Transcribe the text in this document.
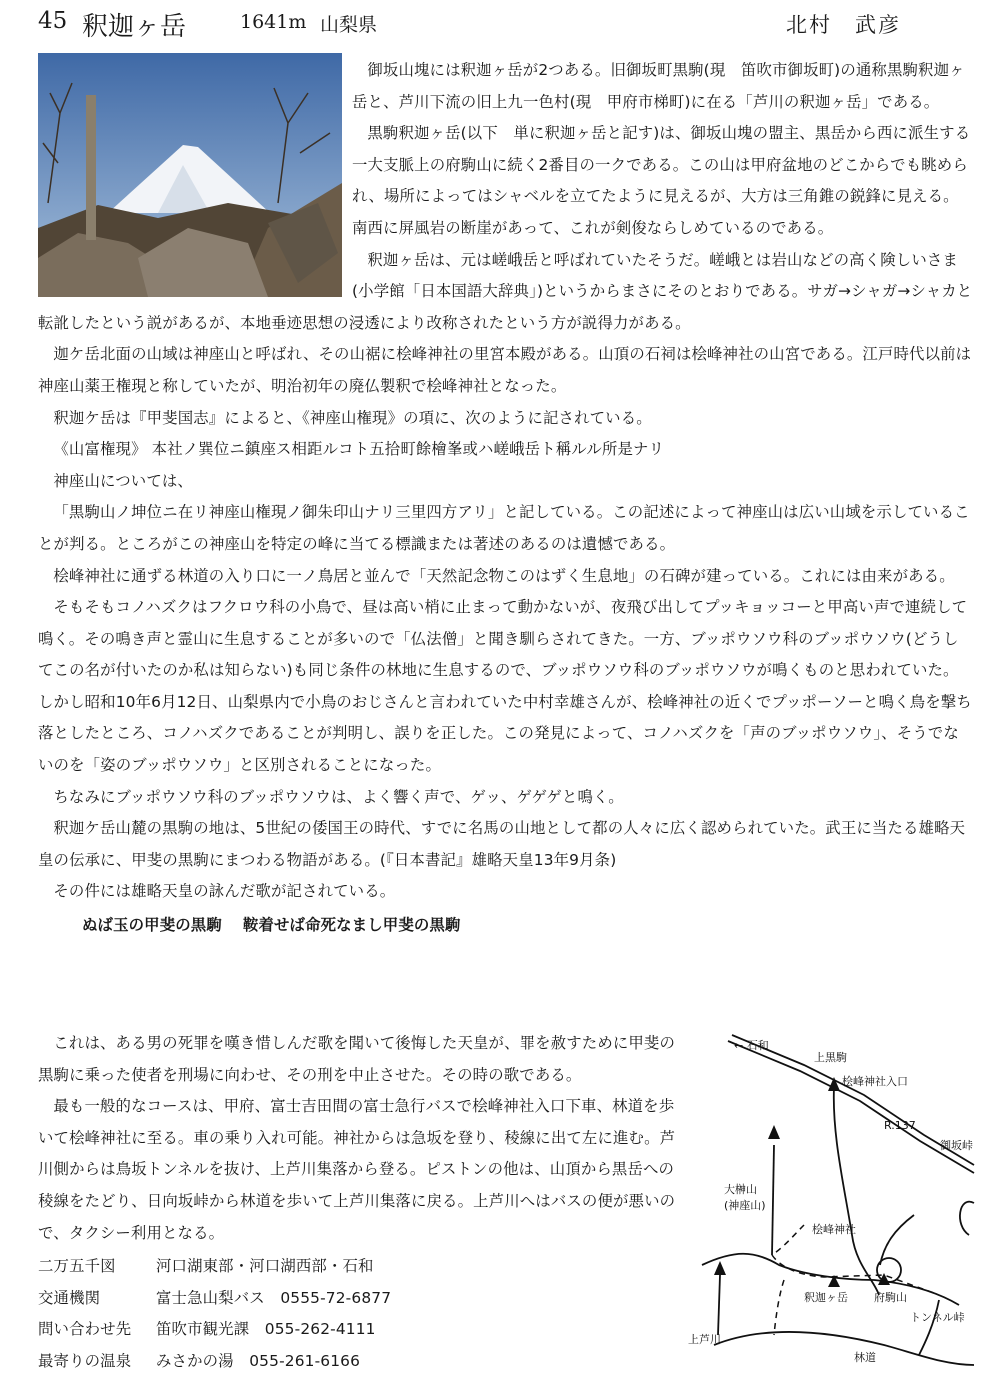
45 釈迦ヶ岳	1641m 山梨県	北村　武彦

御坂山塊には釈迦ヶ岳が2つある。旧御坂町黒駒(現　笛吹市御坂町)の通称黒駒釈迦ヶ岳と、芦川下流の旧上九一色村(現　甲府市梯町)に在る「芦川の釈迦ヶ岳」である。

黒駒釈迦ヶ岳(以下　単に釈迦ヶ岳と記す)は、御坂山塊の盟主、黒岳から西に派生する一大支脈上の府駒山に続く2番目の一クである。この山は甲府盆地のどこからでも眺められ、場所によってはシャベルを立てたように見えるが、大方は三角錐の鋭鋒に見える。南西に屏風岩の断崖があって、これが剣俊ならしめているのである。

釈迦ヶ岳は、元は嵯峨岳と呼ばれていたそうだ。嵯峨とは岩山などの高く険しいさま(小学館「日本国語大辞典」)というからまさにそのとおりである。サガ→シャガ→シャカと転訛したという説があるが、本地垂迹思想の浸透により改称されたという方が説得力がある。

迦ケ岳北面の山域は神座山と呼ばれ、その山裾に桧峰神社の里宮本殿がある。山頂の石祠は桧峰神社の山宮である。江戸時代以前は神座山薬王権現と称していたが、明治初年の廃仏製釈で桧峰神社となった。

釈迦ケ岳は『甲斐国志』によると、《神座山権現》の項に、次のように記されている。

《山富権現》 本社ノ巽位ニ鎮座ス相距ルコト五拾町餘檜峯或ハ嵯峨岳ト稱ルル所是ナリ

神座山については、

「黒駒山ノ坤位ニ在リ神座山権現ノ御朱印山ナリ三里四方アリ」と記している。この記述によって神座山は広い山域を示していることが判る。ところがこの神座山を特定の峰に当てる標識または著述のあるのは遺憾である。

桧峰神社に通ずる林道の入り口に一ノ鳥居と並んで「天然記念物このはずく生息地」の石碑が建っている。これには由来がある。

そもそもコノハズクはフクロウ科の小鳥で、昼は高い梢に止まって動かないが、夜飛び出してプッキョッコーと甲高い声で連続して鳴く。その鳴き声と霊山に生息することが多いので「仏法僧」と聞き馴らされてきた。一方、ブッポウソウ科のブッポウソウ(どうしてこの名が付いたのか私は知らない)も同じ条件の林地に生息するので、ブッポウソウ科のブッポウソウが鳴くものと思われていた。しかし昭和10年6月12日、山梨県内で小鳥のおじさんと言われていた中村幸雄さんが、桧峰神社の近くでプッポーソーと鳴く鳥を撃ち落としたところ、コノハズクであることが判明し、誤りを正した。この発見によって、コノハズクを「声のブッポウソウ」、そうでないのを「姿のブッポウソウ」と区別されることになった。

ちなみにブッポウソウ科のブッポウソウは、よく響く声で、ゲッ、ゲゲゲと鳴く。

釈迦ケ岳山麓の黒駒の地は、5世紀の倭国王の時代、すでに名馬の山地として都の人々に広く認められていた。武王に当たる雄略天皇の伝承に、甲斐の黒駒にまつわる物語がある。(『日本書記』雄略天皇13年9月条)

その件には雄略天皇の詠んだ歌が記されている。

ぬば玉の甲斐の黒駒　 鞍着せば命死なまし甲斐の黒駒

これは、ある男の死罪を嘆き惜しんだ歌を聞いて後悔した天皇が、罪を赦すために甲斐の黒駒に乗った使者を刑場に向わせ、その刑を中止させた。その時の歌である。

最も一般的なコースは、甲府、富士吉田間の富士急行バスで桧峰神社入口下車、林道を歩いて桧峰神社に至る。車の乗り入れ可能。神社からは急坂を登り、稜線に出て左に進む。芦川側からは鳥坂トンネルを抜け、上芦川集落から登る。ピストンの他は、山頂から黒岳への稜線をたどり、日向坂峠から林道を歩いて上芦川集落に戻る。上芦川へはバスの便が悪いので、タクシー利用となる。

二万五千図	河口湖東部・河口湖西部・石和
交通機関	富士急山梨バス　0555-72-6877
問い合わせ先 笛吹市観光課　055-262-4111
最寄りの温泉 みさかの湯　055-261-6166
← 石和
上黒駒
桧峰神社入口
R.137
御坂峠
大榊山
(神座山)
桧峰神社
釈迦ヶ岳 府駒山
トンネル峠
上芦川
林道
